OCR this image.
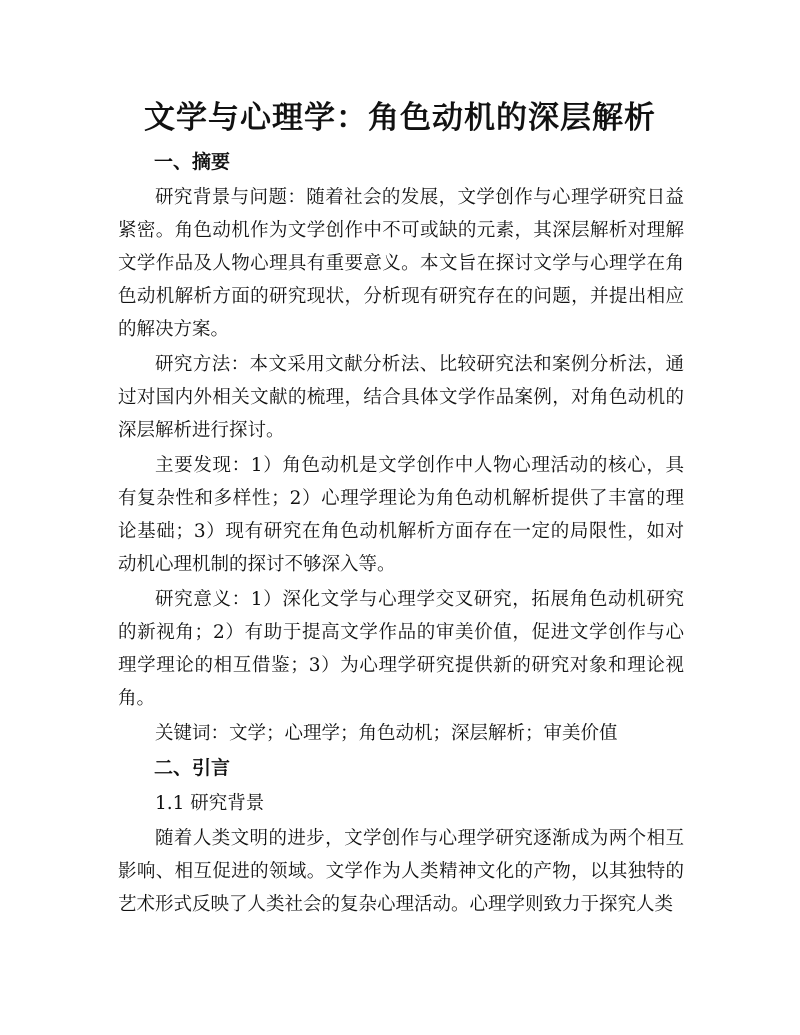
文学与心理学：角色动机的深层解析
一、摘要

研究背景与问题：随着社会的发展，文学创作与心理学研究日益紧密。角色动机作为文学创作中不可或缺的元素，其深层解析对理解文学作品及人物心理具有重要意义。本文旨在探讨文学与心理学在角色动机解析方面的研究现状，分析现有研究存在的问题，并提出相应的解决方案。

研究方法：本文采用文献分析法、比较研究法和案例分析法，通过对国内外相关文献的梳理，结合具体文学作品案例，对角色动机的深层解析进行探讨。

主要发现：1）角色动机是文学创作中人物心理活动的核心，具有复杂性和多样性；2）心理学理论为角色动机解析提供了丰富的理论基础；3）现有研究在角色动机解析方面存在一定的局限性，如对动机心理机制的探讨不够深入等。

研究意义：1）深化文学与心理学交叉研究，拓展角色动机研究的新视角；2）有助于提高文学作品的审美价值，促进文学创作与心理学理论的相互借鉴；3）为心理学研究提供新的研究对象和理论视角。

关键词：文学；心理学；角色动机；深层解析；审美价值
二、引言
1.1 研究背景

随着人类文明的进步，文学创作与心理学研究逐渐成为两个相互影响、相互促进的领域。文学作为人类精神文化的产物，以其独特的艺术形式反映了人类社会的复杂心理活动。心理学则致力于探究人类
